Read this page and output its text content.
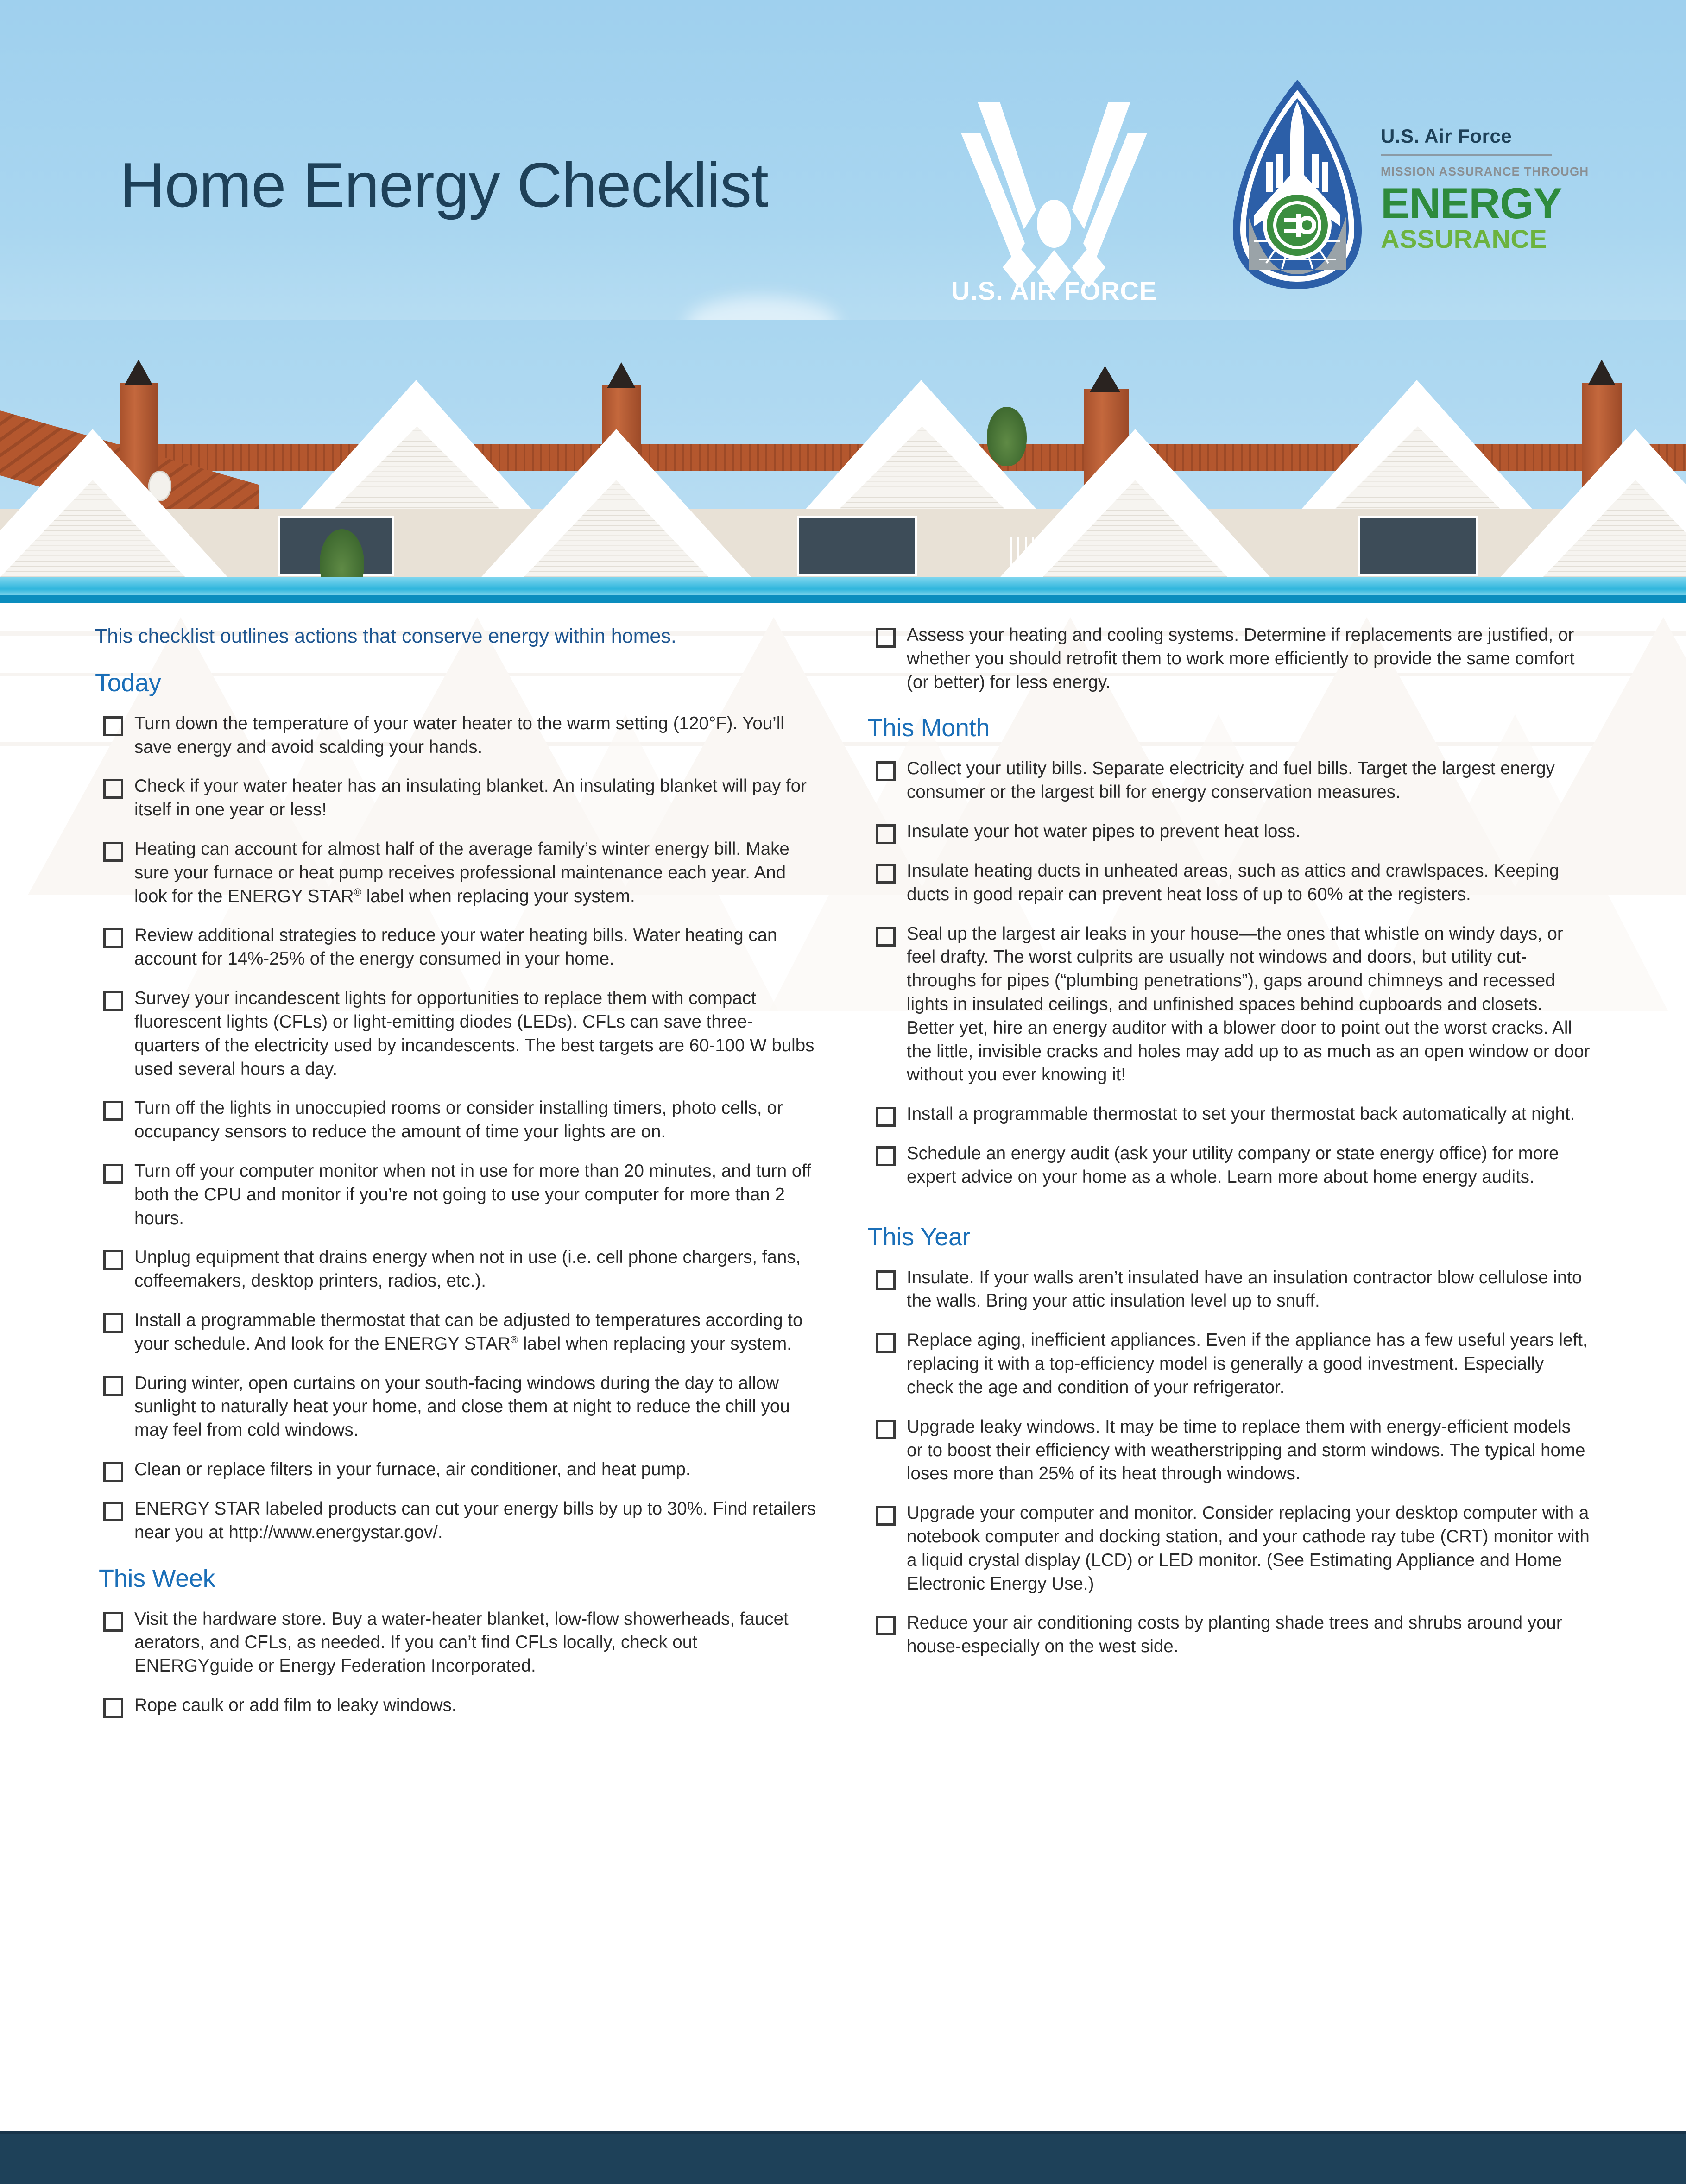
Home Energy Checklist
U.S. AIR FORCE
U.S. Air Force
MISSION ASSURANCE THROUGH
ENERGY
ASSURANCE

This checklist outlines actions that conserve energy within homes.

Today
Turn down the temperature of your water heater to the warm setting (120°F). You’ll save energy and avoid scalding your hands.
Check if your water heater has an insulating blanket. An insulating blanket will pay for itself in one year or less!
Heating can account for almost half of the average family’s winter energy bill. Make sure your furnace or heat pump receives professional maintenance each year. And look for the ENERGY STAR® label when replacing your system.
Review additional strategies to reduce your water heating bills. Water heating can account for 14%-25% of the energy consumed in your home.
Survey your incandescent lights for opportunities to replace them with compact fluorescent lights (CFLs) or light-emitting diodes (LEDs). CFLs can save three-quarters of the electricity used by incandescents. The best targets are 60-100 W bulbs used several hours a day.
Turn off the lights in unoccupied rooms or consider installing timers, photo cells, or occupancy sensors to reduce the amount of time your lights are on.
Turn off your computer monitor when not in use for more than 20 minutes, and turn off both the CPU and monitor if you’re not going to use your computer for more than 2 hours.
Unplug equipment that drains energy when not in use (i.e. cell phone chargers, fans, coffeemakers, desktop printers, radios, etc.).
Install a programmable thermostat that can be adjusted to temperatures according to your schedule. And look for the ENERGY STAR® label when replacing your system.
During winter, open curtains on your south-facing windows during the day to allow sunlight to naturally heat your home, and close them at night to reduce the chill you may feel from cold windows.
Clean or replace filters in your furnace, air conditioner, and heat pump.
ENERGY STAR labeled products can cut your energy bills by up to 30%. Find retailers near you at http://www.energystar.gov/.
This Week
Visit the hardware store. Buy a water-heater blanket, low-flow showerheads, faucet aerators, and CFLs, as needed. If you can’t find CFLs locally, check out ENERGYguide or Energy Federation Incorporated.
Rope caulk or add film to leaky windows.
Assess your heating and cooling systems. Determine if replacements are justified, or whether you should retrofit them to work more efficiently to provide the same comfort (or better) for less energy.
This Month
Collect your utility bills. Separate electricity and fuel bills. Target the largest energy consumer or the largest bill for energy conservation measures.
Insulate your hot water pipes to prevent heat loss.
Insulate heating ducts in unheated areas, such as attics and crawlspaces. Keeping ducts in good repair can prevent heat loss of up to 60% at the registers.
Seal up the largest air leaks in your house—the ones that whistle on windy days, or feel drafty. The worst culprits are usually not windows and doors, but utility cut-throughs for pipes (“plumbing penetrations”), gaps around chimneys and recessed lights in insulated ceilings, and unfinished spaces behind cupboards and closets. Better yet, hire an energy auditor with a blower door to point out the worst cracks. All the little, invisible cracks and holes may add up to as much as an open window or door without you ever knowing it!
Install a programmable thermostat to set your thermostat back automatically at night.
Schedule an energy audit (ask your utility company or state energy office) for more expert advice on your home as a whole. Learn more about home energy audits.
This Year
Insulate. If your walls aren’t insulated have an insulation contractor blow cellulose into the walls. Bring your attic insulation level up to snuff.
Replace aging, inefficient appliances. Even if the appliance has a few useful years left, replacing it with a top-efficiency model is generally a good investment. Especially check the age and condition of your refrigerator.
Upgrade leaky windows. It may be time to replace them with energy-efficient models or to boost their efficiency with weatherstripping and storm windows. The typical home loses more than 25% of its heat through windows.
Upgrade your computer and monitor. Consider replacing your desktop computer with a notebook computer and docking station, and your cathode ray tube (CRT) monitor with a liquid crystal display (LCD) or LED monitor. (See Estimating Appliance and Home Electronic Energy Use.)
Reduce your air conditioning costs by planting shade trees and shrubs around your house-especially on the west side.
